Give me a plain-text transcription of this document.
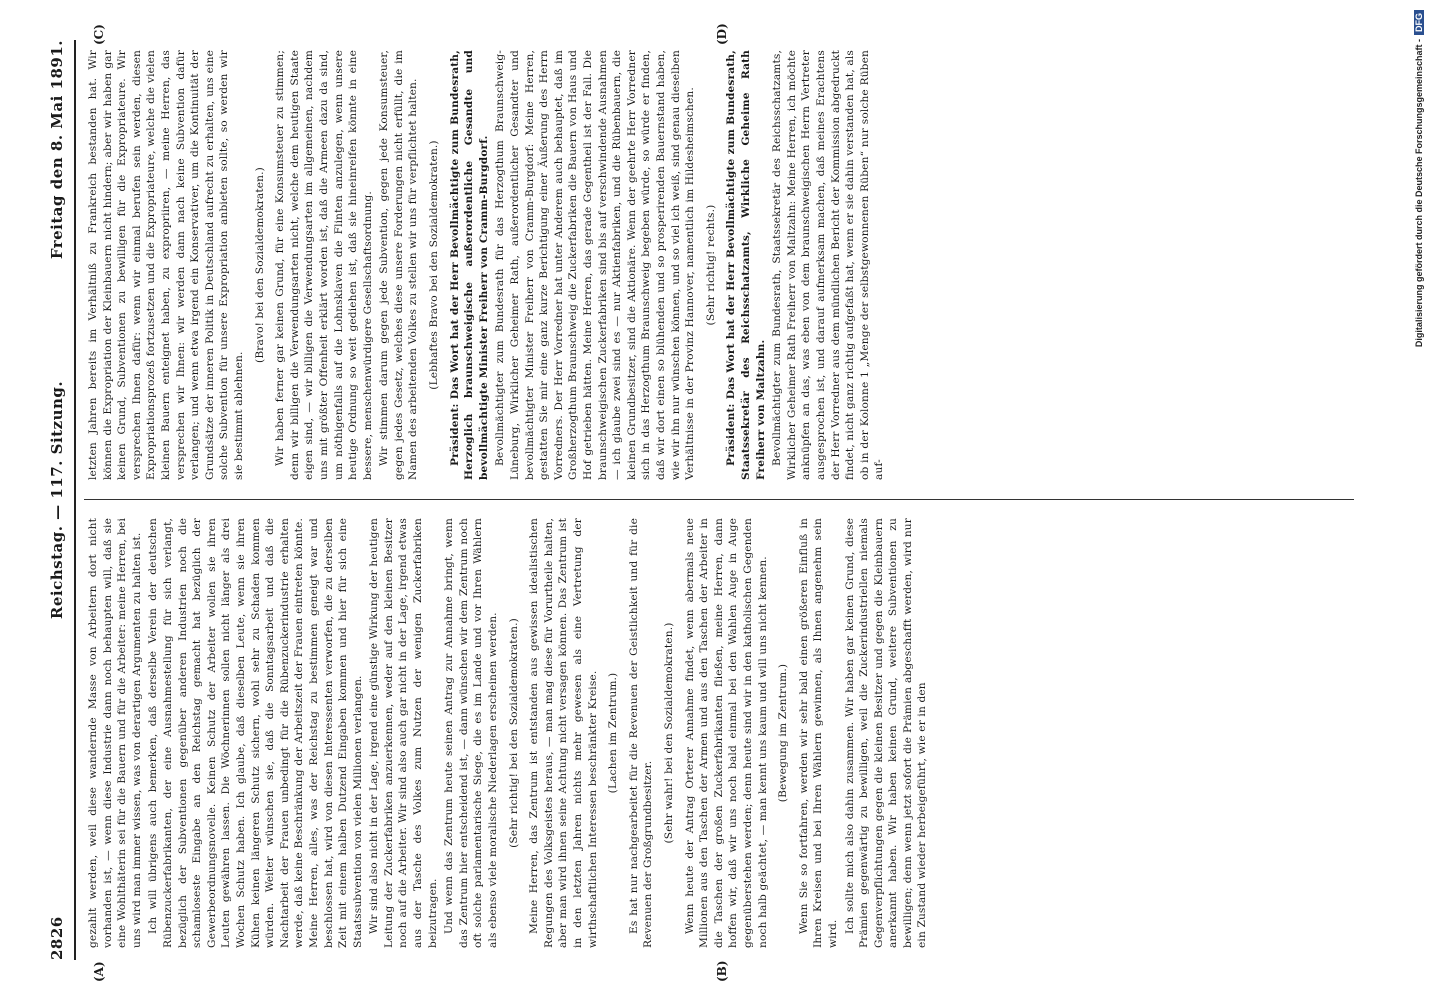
2826
Reichstag. — 117. Sitzung.
Freitag den 8. Mai 1891.
(A)	(B)
(C)	(D)

gezahlt werden, weil diese wandernde Masse von Arbeitern dort nicht vorhanden ist, — wenn diese Industrie dann noch behaupten will, daß sie eine Wohlthäterin sei für die Bauern und für die Arbeiter: meine Herren, bei uns wird man immer wissen, was von derartigen Argumenten zu halten ist. Ich will übrigens auch bemerken, daß derselbe Verein der deutschen Rübenzuckerfabrikanten, der eine Ausnahmestellung für sich verlangt, bezüglich der Subventionen gegenüber anderen Industrien noch die schamloseste Eingabe an den Reichstag gemacht hat bezüglich der Gewerbeordnungsnovelle. Keinen Schutz der Arbeiter wollen sie ihren Leuten gewähren lassen. Die Wöchnerinnen sollen nicht länger als drei Wochen Schutz haben. Ich glaube, daß dieselben Leute, wenn sie ihren Kühen keinen längeren Schutz sichern, wohl sehr zu Schaden kommen würden. Weiter wünschen sie, daß die Sonntagsarbeit und daß die Nachtarbeit der Frauen unbedingt für die Rübenzuckerindustrie erhalten werde, daß keine Beschränkung der Arbeitszeit der Frauen eintreten könnte. Meine Herren, alles, was der Reichstag zu bestimmen geneigt war und beschlossen hat, wird von diesen Interessenten verworfen, die zu derselben Zeit mit einem halben Dutzend Eingaben kommen und hier für sich eine Staatssubvention von vielen Millionen verlangen. Wir sind also nicht in der Lage, irgend eine günstige Wirkung der heutigen Leitung der Zuckerfabriken anzuerkennen, weder auf den kleinen Besitzer noch auf die Arbeiter. Wir sind also auch gar nicht in der Lage, irgend etwas aus der Tasche des Volkes zum Nutzen der wenigen Zuckerfabriken beizutragen. Und wenn das Zentrum heute seinen Antrag zur Annahme bringt, wenn das Zentrum hier entscheidend ist, — dann wünschen wir dem Zentrum noch oft solche parlamentarische Siege, die es im Lande und vor Ihren Wählern als ebenso viele moralische Niederlagen erscheinen werden. (Sehr richtig! bei den Sozialdemokraten.) Meine Herren, das Zentrum ist entstanden aus gewissen idealistischen Regungen des Volksgeistes heraus, — man mag diese für Vorurtheile halten, aber man wird ihnen seine Achtung nicht versagen können. Das Zentrum ist in den letzten Jahren nichts mehr gewesen als eine Vertretung der wirthschaftlichen Interessen beschränkter Kreise. (Lachen im Zentrum.) Es hat nur nachgearbeitet für die Revenuen der Geistlichkeit und für die Revenuen der Großgrundbesitzer.

(Sehr wahr! bei den Sozialdemokraten.) Wenn heute der Antrag Orterer Annahme findet, wenn abermals neue Millionen aus den Taschen der Armen und aus den Taschen der Arbeiter in die Taschen der großen Zuckerfabrikanten fließen, meine Herren, dann hoffen wir, daß wir uns noch bald einmal bei den Wahlen Auge in Auge gegenüberstehen werden; denn heute sind wir in den katholischen Gegenden noch halb geächtet, — man kennt uns kaum und will uns nicht kennen. (Bewegung im Zentrum.) Wenn Sie so fortfahren, werden wir sehr bald einen größeren Einfluß in Ihren Kreisen und bei Ihren Wählern gewinnen, als Ihnen angenehm sein wird. Ich sollte mich also dahin zusammen. Wir haben gar keinen Grund, diese Prämien gegenwärtig zu bewilligen, weil die Zuckerindustriellen niemals Gegenverpflichtungen gegen die kleinen Besitzer und gegen die Kleinbauern anerkannt haben. Wir haben keinen Grund, weitere Subventionen zu bewilligen; denn wenn jetzt sofort die Prämien abgeschafft werden, wird nur ein Zustand wieder herbeigeführt, wie er in den

letzten Jahren bereits im Verhältniß zu Frankreich bestanden hat. Wir können die Expropriation der Kleinbauern nicht hindern; aber wir haben gar keinen Grund, Subventionen zu bewilligen für die Expropriateure. Wir versprechen Ihnen dafür: wenn wir einmal berufen sein werden, diesen Expropriationsprozeß fortzusetzen und die Expropriateure, welche die vielen kleinen Bauern enteignet haben, zu expropriiren, — meine Herren, das versprechen wir Ihnen: wir werden dann nach keine Subvention dafür verlangen; und wenn etwa irgend ein Konservativer, um die Kontinuität der Grundsätze der inneren Politik in Deutschland aufrecht zu erhalten, uns eine solche Subvention für unsere Expropriation anbieten sollte, so werden wir sie bestimmt ablehnen.

(Bravo! bei den Sozialdemokraten.) Wir haben ferner gar keinen Grund, für eine Konsumsteuer zu stimmen; denn wir billigen die Verwendungsarten nicht, welche dem heutigen Staate eigen sind, — wir billigen die Verwendungsarten im allgemeinen, nachdem uns mit größter Offenheit erklärt worden ist, daß die Armeen dazu da sind, um nöthigenfalls auf die Lohnsklaven die Flinten anzulegen, wenn unsere heutige Ordnung so weit gediehen ist, daß sie hineinreifen könnte in eine bessere, menschenwürdigere Gesellschaftsordnung. Wir stimmen darum gegen jede Subvention, gegen jede Konsumsteuer, gegen jedes Gesetz, welches diese unsere Forderungen nicht erfüllt, die im Namen des arbeitenden Volkes zu stellen wir uns für verpflichtet halten. (Lebhaftes Bravo bei den Sozialdemokraten.) Präsident: Das Wort hat der Herr Bevollmächtigte zum Bundesrath, Herzoglich braunschweigische außerordentliche Gesandte und bevollmächtigte Minister Freiherr von Cramm-Burgdorf. Bevollmächtigter zum Bundesrath für das Herzogthum Braunschweig-Lüneburg, Wirklicher Geheimer Rath, außerordentlicher Gesandter und bevollmächtigter Minister Freiherr von Cramm-Burgdorf: Meine Herren, gestatten Sie mir eine ganz kurze Berichtigung einer Äußerung des Herrn Vorredners. Der Herr Vorredner hat unter Anderem auch behauptet, daß im Großherzogthum Braunschweig die Zuckerfabriken die Bauern von Haus und Hof getrieben hätten. Meine Herren, das gerade Gegentheil ist der Fall. Die braunschweigischen Zuckerfabriken sind bis auf verschwindende Ausnahmen — ich glaube zwei sind es — nur Aktienfabriken, und die Rübenbauern, die kleinen Grundbesitzer, sind die Aktionäre. Wenn der geehrte Herr Vorredner sich in das Herzogthum Braunschweig begeben würde, so würde er finden, daß wir dort einen so blühenden und so prosperirenden Bauernstand haben, wie wir ihn nur wünschen können, und so viel ich weiß, sind genau dieselben Verhältnisse in der Provinz Hannover, namentlich im Hildesheimschen. (Sehr richtig! rechts.) Präsident: Das Wort hat der Herr Bevollmächtigte zum Bundesrath, Staatssekretär des Reichsschatzamts, Wirkliche Geheime Rath Freiherr von Maltzahn. Bevollmächtigter zum Bundesrath, Staatssekretär des Reichsschatzamts, Wirklicher Geheimer Rath Freiherr von Maltzahn: Meine Herren, ich möchte anknüpfen an das, was eben von dem braunschweigischen Herrn Vertreter ausgesprochen ist, und darauf aufmerksam machen, daß meines Erachtens der Herr Vorredner aus dem mündlichen Bericht der Kommission abgedruckt findet, nicht ganz richtig aufgefaßt hat, wenn er sie dahin verstanden hat, als ob in der Kolonne 1 „Menge der selbstgewonnenen Rüben“ nur solche Rüben auf-

Digitalisierung gefördert durch die Deutsche Forschungsgemeinschaft -DFG
